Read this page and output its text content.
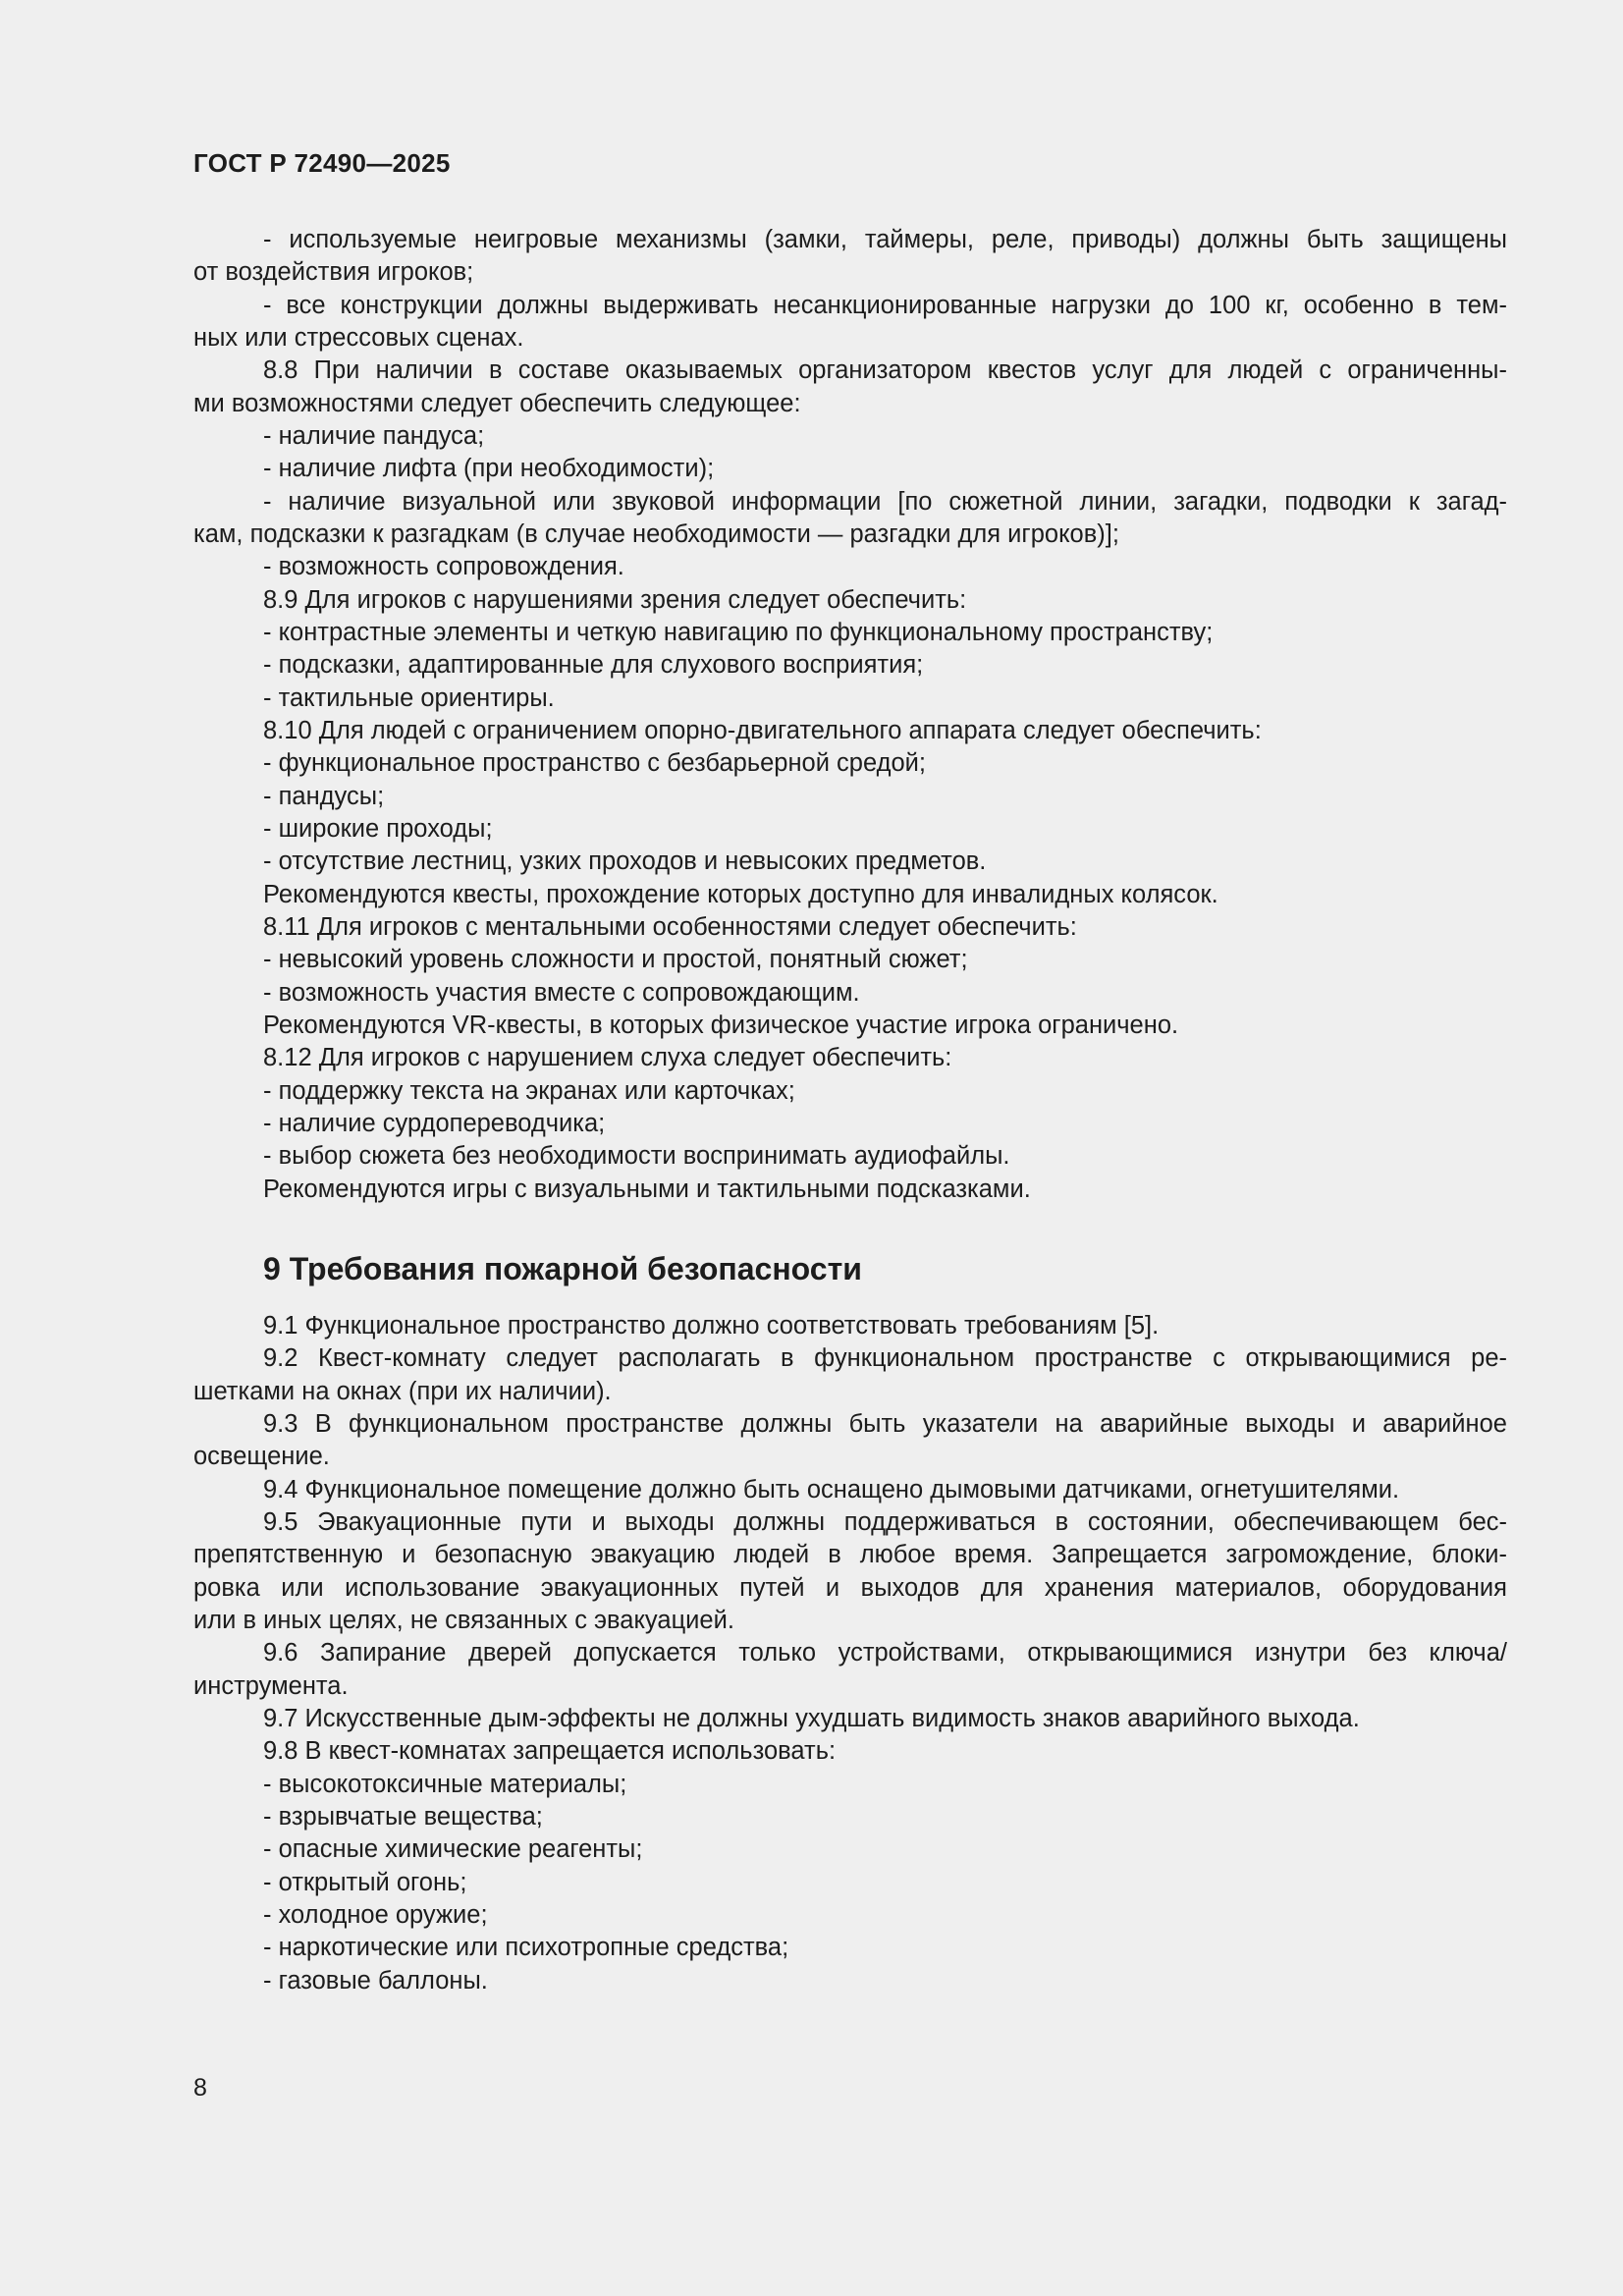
ГОСТ Р 72490—2025
- используемые неигровые механизмы (замки, таймеры, реле, приводы) должны быть защищены
от воздействия игроков;
- все конструкции должны выдерживать несанкционированные нагрузки до 100 кг, особенно в тем-
ных или стрессовых сценах.
8.8 При наличии в составе оказываемых организатором квестов услуг для людей с ограниченны-
ми возможностями следует обеспечить следующее:
- наличие пандуса;
- наличие лифта (при необходимости);
- наличие визуальной или звуковой информации [по сюжетной линии, загадки, подводки к загад-
кам, подсказки к разгадкам (в случае необходимости — разгадки для игроков)];
- возможность сопровождения.
8.9 Для игроков с нарушениями зрения следует обеспечить:
- контрастные элементы и четкую навигацию по функциональному пространству;
- подсказки, адаптированные для слухового восприятия;
- тактильные ориентиры.
8.10 Для людей с ограничением опорно-двигательного аппарата следует обеспечить:
- функциональное пространство с безбарьерной средой;
- пандусы;
- широкие проходы;
- отсутствие лестниц, узких проходов и невысоких предметов.
Рекомендуются квесты, прохождение которых доступно для инвалидных колясок.
8.11 Для игроков с ментальными особенностями следует обеспечить:
- невысокий уровень сложности и простой, понятный сюжет;
- возможность участия вместе с сопровождающим.
Рекомендуются VR-квесты, в которых физическое участие игрока ограничено.
8.12 Для игроков с нарушением слуха следует обеспечить:
- поддержку текста на экранах или карточках;
- наличие сурдопереводчика;
- выбор сюжета без необходимости воспринимать аудиофайлы.
Рекомендуются игры с визуальными и тактильными подсказками.
9 Требования пожарной безопасности
9.1 Функциональное пространство должно соответствовать требованиям [5].
9.2 Квест-комнату следует располагать в функциональном пространстве с открывающимися ре-
шетками на окнах (при их наличии).
9.3 В функциональном пространстве должны быть указатели на аварийные выходы и аварийное
освещение.
9.4 Функциональное помещение должно быть оснащено дымовыми датчиками, огнетушителями.
9.5 Эвакуационные пути и выходы должны поддерживаться в состоянии, обеспечивающем бес-
препятственную и безопасную эвакуацию людей в любое время. Запрещается загромождение, блоки-
ровка или использование эвакуационных путей и выходов для хранения материалов, оборудования
или в иных целях, не связанных с эвакуацией.
9.6 Запирание дверей допускается только устройствами, открывающимися изнутри без ключа/
инструмента.
9.7 Искусственные дым-эффекты не должны ухудшать видимость знаков аварийного выхода.
9.8 В квест-комнатах запрещается использовать:
- высокотоксичные материалы;
- взрывчатые вещества;
- опасные химические реагенты;
- открытый огонь;
- холодное оружие;
- наркотические или психотропные средства;
- газовые баллоны.
8
